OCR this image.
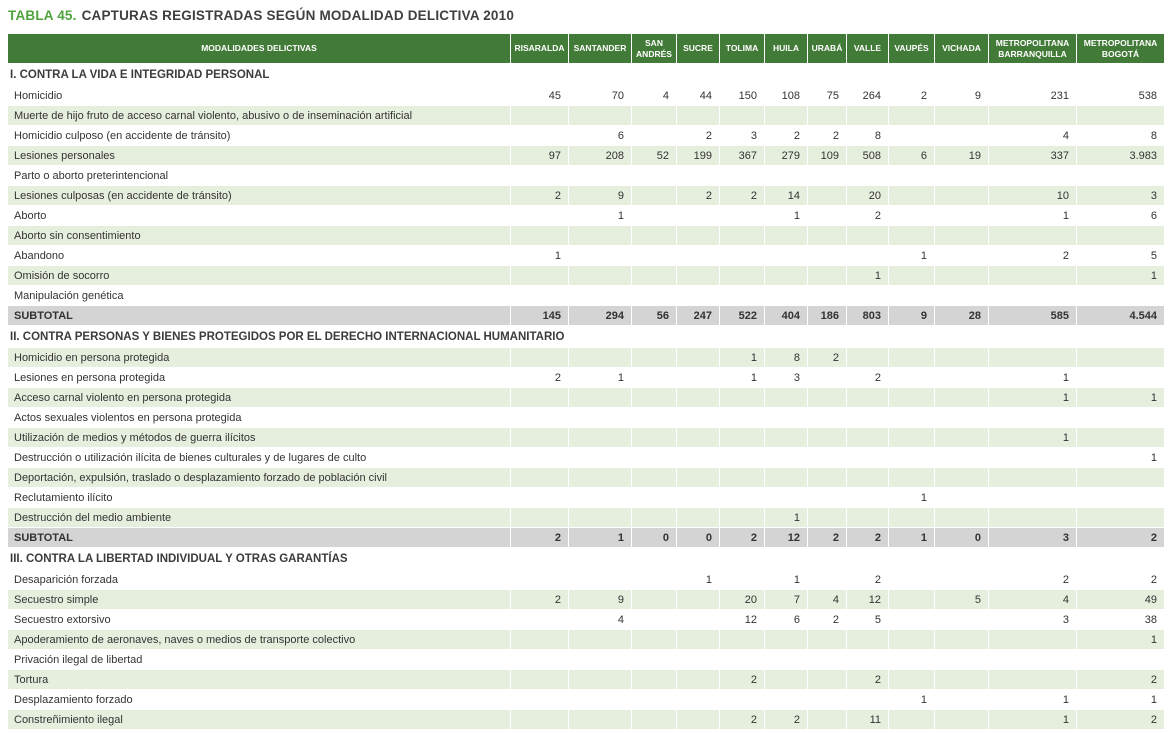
TABLA 45. CAPTURAS REGISTRADAS SEGÚN MODALIDAD DELICTIVA 2010
MODALIDADES DELICTIVAS	RISARALDA	SANTANDER	SAN ANDRÉS	SUCRE	TOLIMA	HUILA	URABÁ	VALLE	VAUPÉS	VICHADA	METROPOLITANA BARRANQUILLA	METROPOLITANA BOGOTÁ
I. CONTRA LA VIDA E INTEGRIDAD PERSONAL												
Homicidio	45	70	4	44	150	108	75	264	2	9	231	538
Muerte de hijo fruto de acceso carnal violento, abusivo o de inseminación artificial												
Homicidio culposo (en accidente de tránsito)		6		2	3	2	2	8			4	8
Lesiones personales	97	208	52	199	367	279	109	508	6	19	337	3.983
Parto o aborto preterintencional												
Lesiones culposas (en accidente de tránsito)	2	9		2	2	14		20			10	3
Aborto		1				1		2			1	6
Aborto sin consentimiento												
Abandono	1								1		2	5
Omisión de socorro								1				1
Manipulación genética												
SUBTOTAL	145	294	56	247	522	404	186	803	9	28	585	4.544
II. CONTRA PERSONAS Y BIENES PROTEGIDOS POR EL DERECHO INTERNACIONAL HUMANITARIO												
Homicidio en persona protegida					1	8	2					
Lesiones en persona protegida	2	1			1	3		2			1	
Acceso carnal violento en persona protegida											1	1
Actos sexuales violentos en persona protegida												
Utilización de medios y métodos de guerra ilícitos											1	
Destrucción o utilización ilícita de bienes culturales y de lugares de culto												1
Deportación, expulsión, traslado o desplazamiento forzado de población civil												
Reclutamiento ilícito									1			
Destrucción del medio ambiente						1						
SUBTOTAL	2	1	0	0	2	12	2	2	1	0	3	2
III. CONTRA LA LIBERTAD INDIVIDUAL Y OTRAS GARANTÍAS												
Desaparición forzada				1		1		2			2	2
Secuestro simple	2	9			20	7	4	12		5	4	49
Secuestro extorsivo		4			12	6	2	5			3	38
Apoderamiento de aeronaves, naves o medios de transporte colectivo												1
Privación ilegal de libertad												
Tortura					2			2				2
Desplazamiento forzado									1		1	1
Constreñimiento ilegal					2	2		11			1	2
